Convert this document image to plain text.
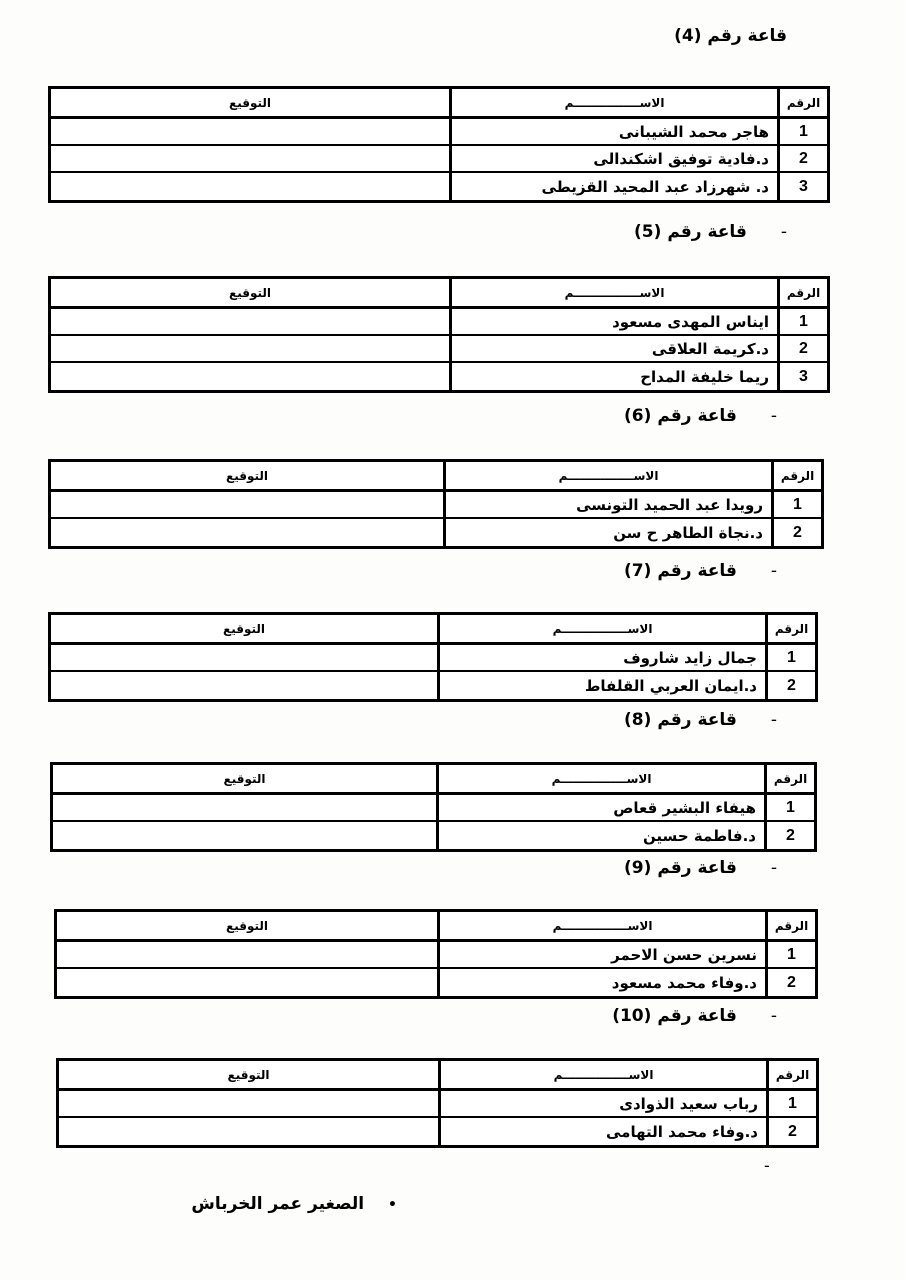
قاعة رقم (4)
الرقم
الاســــــــــــــــم
التوقيع
1
هاجر محمد الشيبانى
2
د.فادية توفيق اشكندالى
3
د. شهرزاد عبد المحيد القزيطى
- قاعة رقم (5)
الرقم
الاســــــــــــــــم
التوقيع
1
ايناس المهدى مسعود
2
د.كريمة العلاقى
3
ريما خليفة المداح
- قاعة رقم (6)
الرقم
الاســــــــــــــــم
التوقيع
1
رويدا عبد الحميد التونسى
2
د.نجاة الطاهر ح سن
- قاعة رقم (7)
الرقم
الاســــــــــــــــم
التوقيع
1
جمال زايد شاروف
2
د.ايمان العربي القلفاط
- قاعة رقم (8)
الرقم
الاســــــــــــــــم
التوقيع
1
هيفاء البشير قعاص
2
د.فاطمة حسين
- قاعة رقم (9)
الرقم
الاســــــــــــــــم
التوقيع
1
نسرين حسن الاحمر
2
د.وفاء محمد مسعود
- قاعة رقم (10)
الرقم
الاســــــــــــــــم
التوقيع
1
رباب سعيد الذوادى
2
د.وفاء محمد التهامى
-
• الصغير عمر الخرباش
